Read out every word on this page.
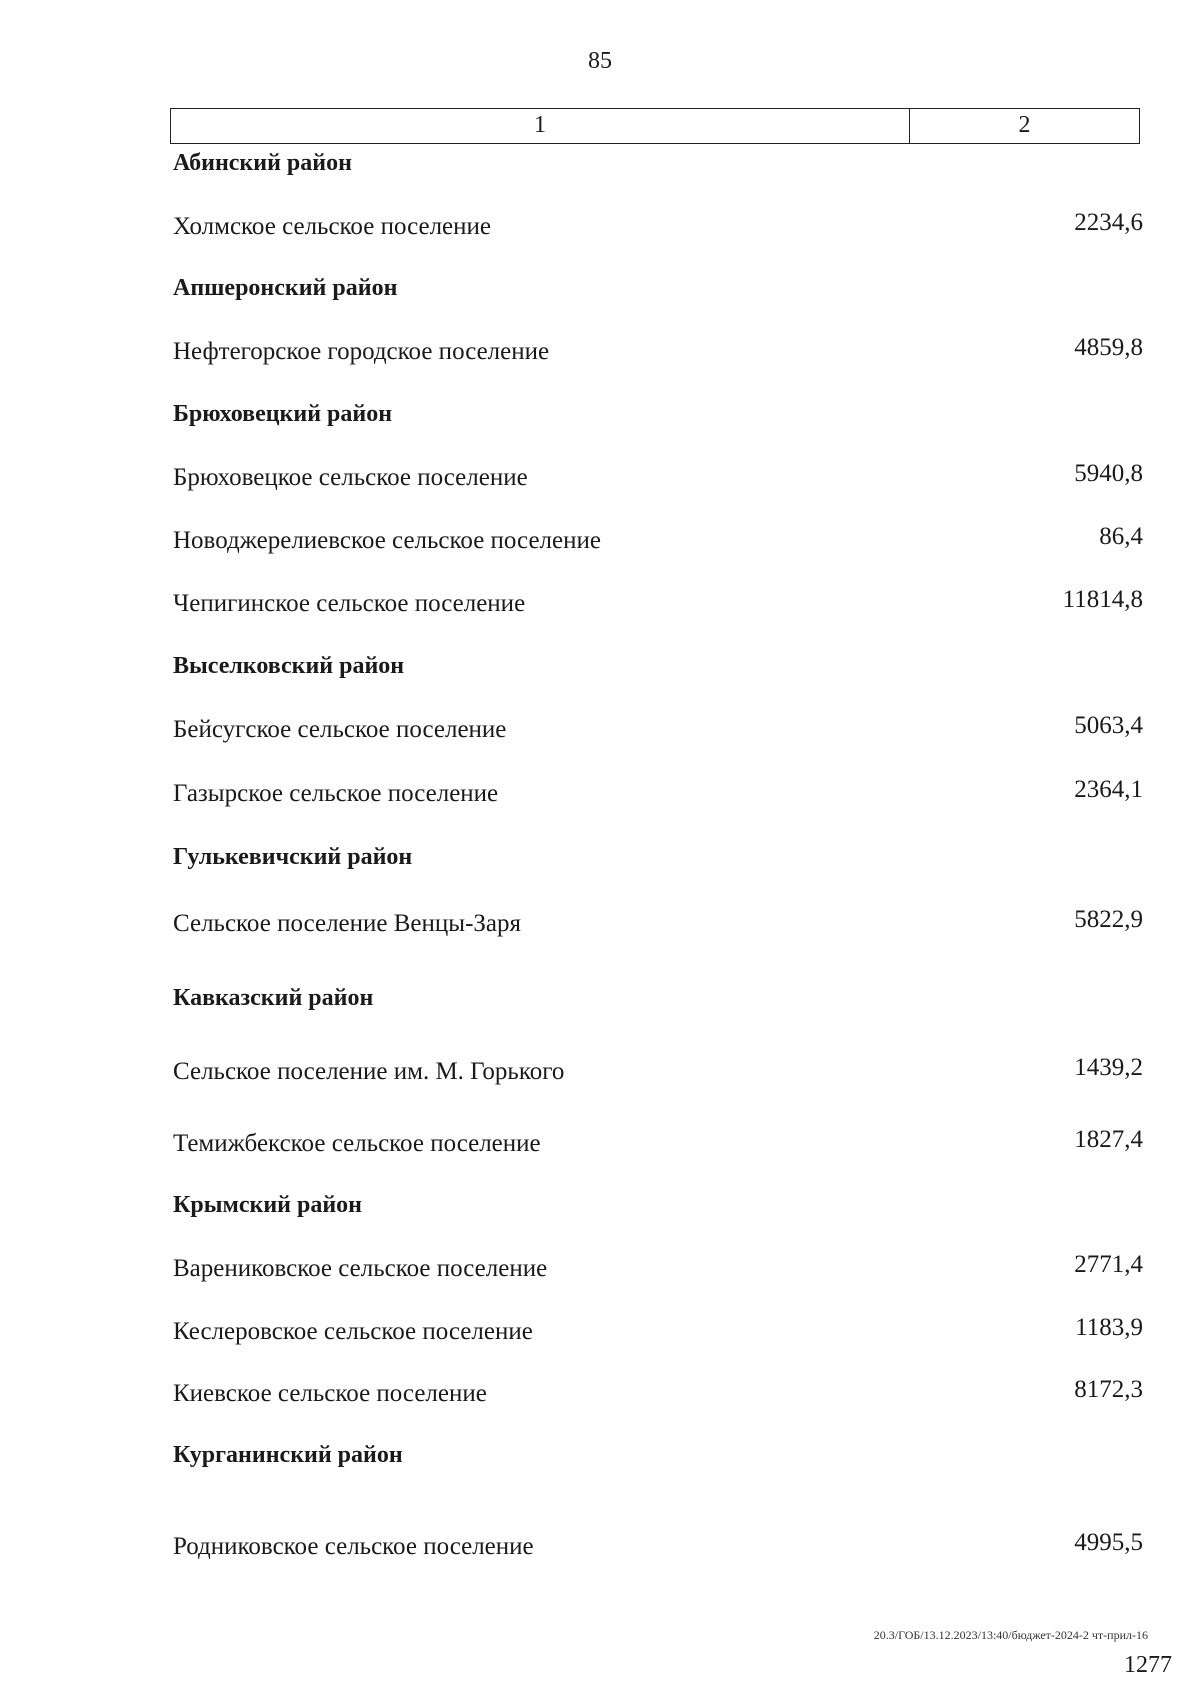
85
1	2
Абинский район
Холмское сельское поселение	2234,6
Апшеронский район
Нефтегорское городское поселение	4859,8
Брюховецкий район
Брюховецкое сельское поселение	5940,8
Новоджерелиевское сельское поселение	86,4
Чепигинское сельское поселение	11814,8
Выселковский район
Бейсугское сельское поселение	5063,4
Газырское сельское поселение	2364,1
Гулькевичский район
Сельское поселение Венцы-Заря	5822,9
Кавказский район
Сельское поселение им. М. Горького	1439,2
Темижбекское сельское поселение	1827,4
Крымский район
Варениковское сельское поселение	2771,4
Кеслеровское сельское поселение	1183,9
Киевское сельское поселение	8172,3
Курганинский район
Родниковское сельское поселение	4995,5
20.3/ГОБ/13.12.2023/13:40/бюджет-2024-2 чт-прил-16
1277
